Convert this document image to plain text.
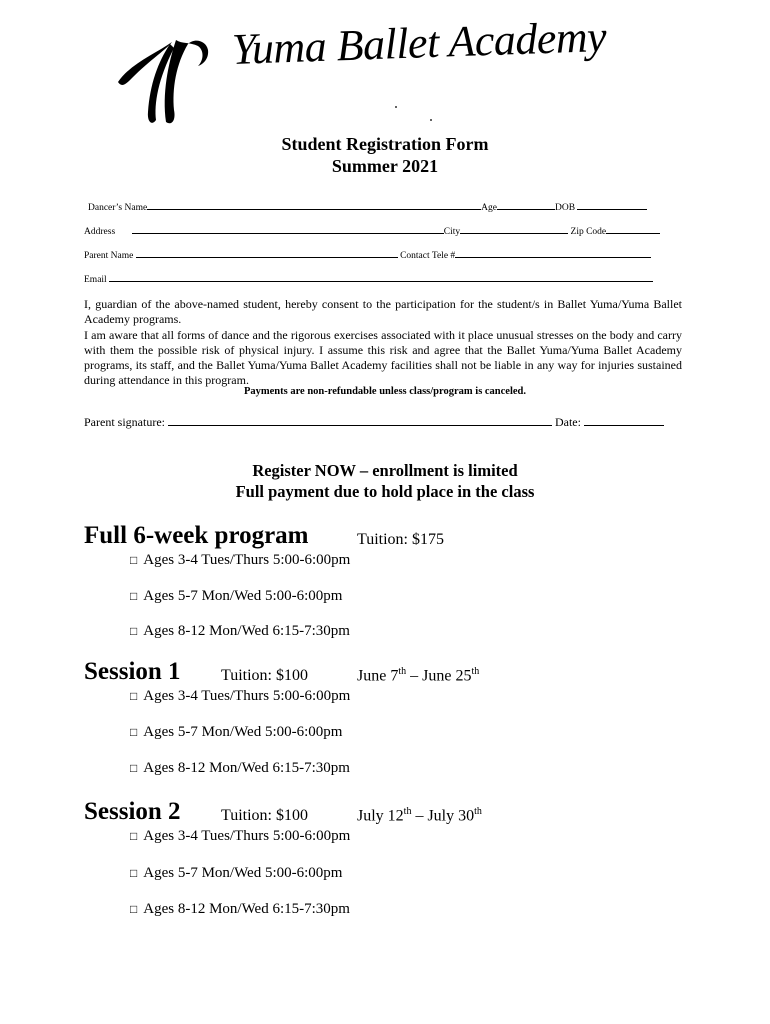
Yuma Ballet Academy
Student Registration Form
Summer 2021
Dancer’s Name	Age	DOB
Address	City	Zip Code
Parent Name	Contact Tele #
Email

I, guardian of the above-named student, hereby consent to the participation for the student/s in Ballet Yuma/Yuma Ballet Academy programs.

I am aware that all forms of dance and the rigorous exercises associated with it place unusual stresses on the body and carry with them the possible risk of physical injury. I assume this risk and agree that the Ballet Yuma/Yuma Ballet Academy programs, its staff, and the Ballet Yuma/Yuma Ballet Academy facilities shall not be liable in any way for injuries sustained during attendance in this program.

Payments are non-refundable unless class/program is canceled.
Parent signature:	Date:
Register NOW – enrollment is limited
Full payment due to hold place in the class
Full 6-week program	Tuition: $175
□ Ages 3-4 Tues/Thurs 5:00-6:00pm
□ Ages 5-7 Mon/Wed 5:00-6:00pm
□ Ages 8-12 Mon/Wed 6:15-7:30pm
Session 1	Tuition: $100	June 7th – June 25th
□ Ages 3-4 Tues/Thurs 5:00-6:00pm
□ Ages 5-7 Mon/Wed 5:00-6:00pm
□ Ages 8-12 Mon/Wed 6:15-7:30pm
Session 2	Tuition: $100	July 12th – July 30th
□ Ages 3-4 Tues/Thurs 5:00-6:00pm
□ Ages 5-7 Mon/Wed 5:00-6:00pm
□ Ages 8-12 Mon/Wed 6:15-7:30pm
